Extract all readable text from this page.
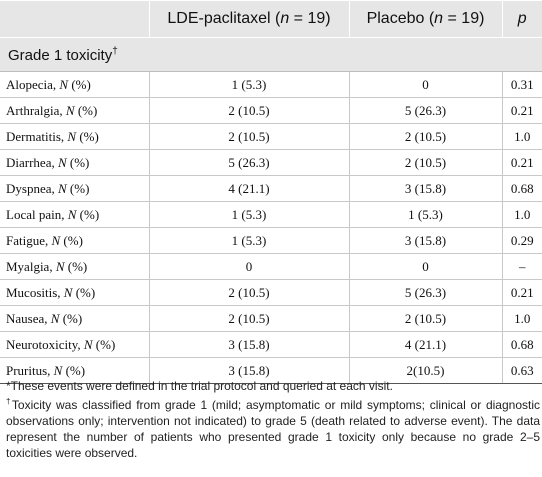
	LDE-paclitaxel (n = 19)	Placebo (n = 19)	p
Grade 1 toxicity†
Alopecia, N (%)	1 (5.3)	0	0.31
Arthralgia, N (%)	2 (10.5)	5 (26.3)	0.21
Dermatitis, N (%)	2 (10.5)	2 (10.5)	1.0
Diarrhea, N (%)	5 (26.3)	2 (10.5)	0.21
Dyspnea, N (%)	4 (21.1)	3 (15.8)	0.68
Local pain, N (%)	1 (5.3)	1 (5.3)	1.0
Fatigue, N (%)	1 (5.3)	3 (15.8)	0.29
Myalgia, N (%)	0	0	–
Mucositis, N (%)	2 (10.5)	5 (26.3)	0.21
Nausea, N (%)	2 (10.5)	2 (10.5)	1.0
Neurotoxicity, N (%)	3 (15.8)	4 (21.1)	0.68
Pruritus, N (%)	3 (15.8)	2(10.5)	0.63

*These events were defined in the trial protocol and queried at each visit.

†Toxicity was classified from grade 1 (mild; asymptomatic or mild symptoms; clinical or diagnostic observations only; intervention not indicated) to grade 5 (death related to adverse event). The data represent the number of patients who presented grade 1 toxicity only because no grade 2–5 toxicities were observed.
